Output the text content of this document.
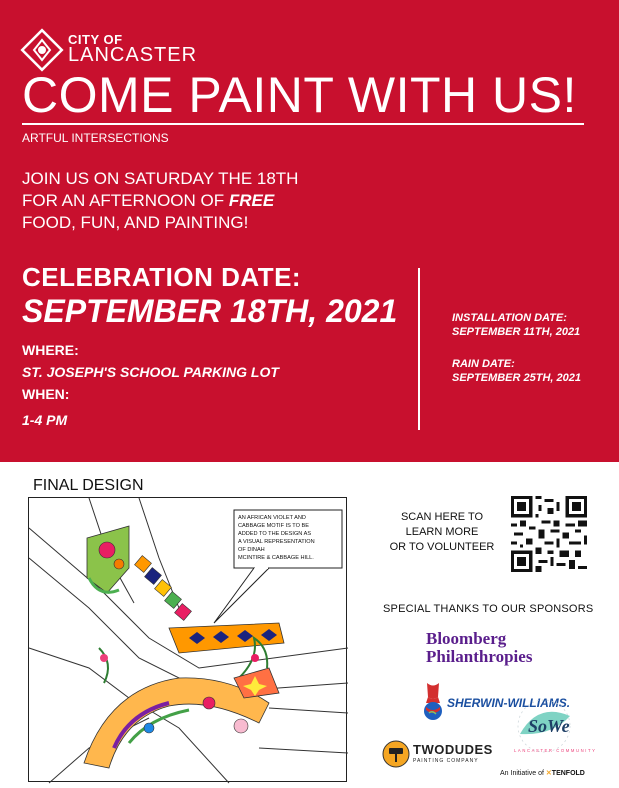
CITY OF
LANCASTER
COME PAINT WITH US!
ARTFUL INTERSECTIONS
JOIN US ON SATURDAY THE 18TH
FOR AN AFTERNOON OF FREE
FOOD, FUN, AND PAINTING!
CELEBRATION DATE:
SEPTEMBER 18TH, 2021
WHERE:
ST. JOSEPH'S SCHOOL PARKING LOT
WHEN:
1-4 PM
INSTALLATION DATE:
SEPTEMBER 11TH, 2021
RAIN DATE:
SEPTEMBER 25TH, 2021
FINAL DESIGN
AN AFRICAN VIOLET AND
CABBAGE MOTIF IS TO BE
ADDED TO THE DESIGN AS
A VISUAL REPRESENTATION
OF DINAH
MCINTIRE & CABBAGE HILL.
SCAN HERE TO
LEARN MORE
OR TO VOLUNTEER
SPECIAL THANKS TO OUR SPONSORS
Bloomberg
Philanthropies
SHERWIN-WILLIAMS.
TWODUDES
PAINTING COMPANY
SoWe
LANCASTER COMMUNITY
An Initiative of ✕TENFOLD
